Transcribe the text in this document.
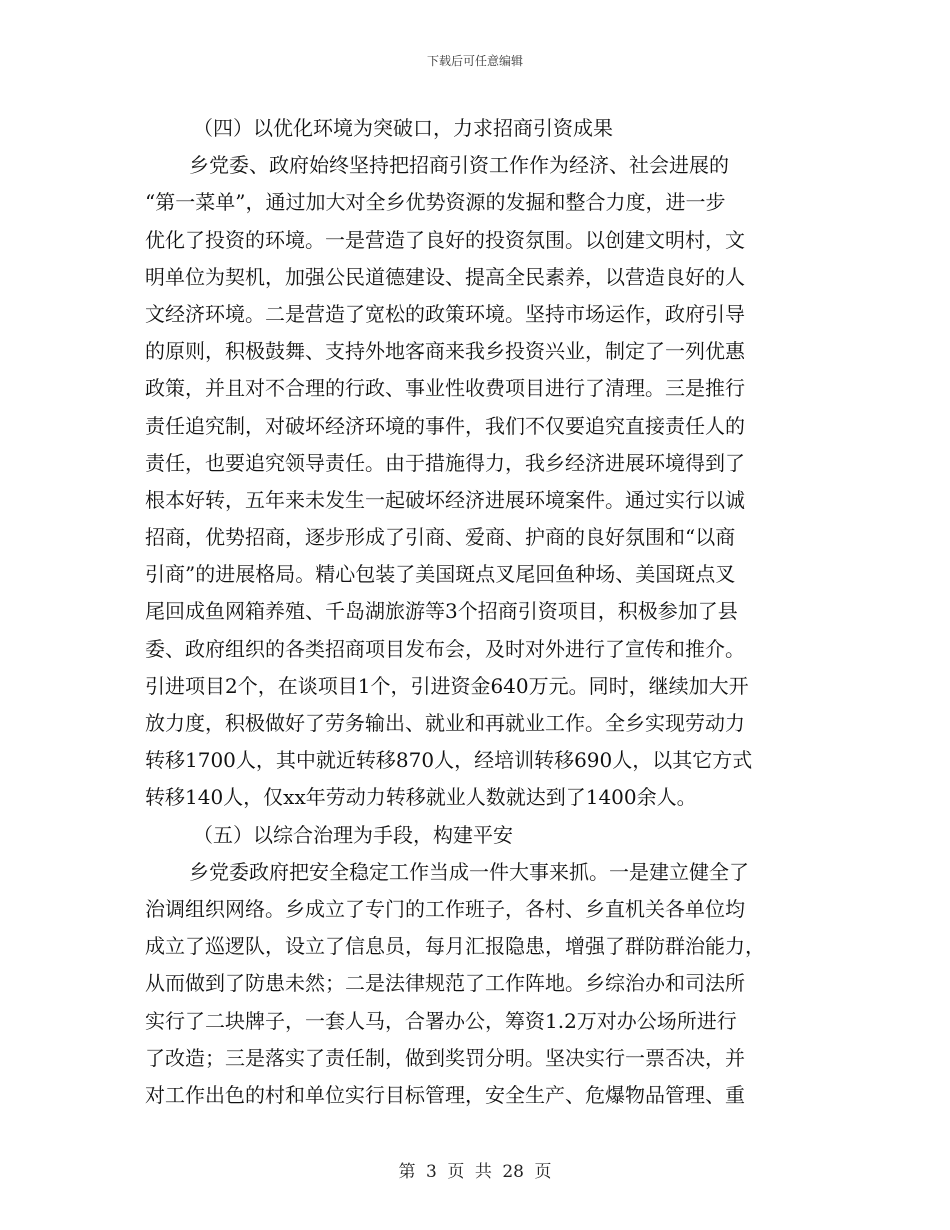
下载后可任意编辑
（四）以优化环境为突破口，力求招商引资成果
乡党委、政府始终坚持把招商引资工作作为经济、社会进展的
“第一菜单”，通过加大对全乡优势资源的发掘和整合力度，进一步
优化了投资的环境。一是营造了良好的投资氛围。以创建文明村，文
明单位为契机，加强公民道德建设、提高全民素养，以营造良好的人
文经济环境。二是营造了宽松的政策环境。坚持市场运作，政府引导
的原则，积极鼓舞、支持外地客商来我乡投资兴业，制定了一列优惠
政策，并且对不合理的行政、事业性收费项目进行了清理。三是推行
责任追究制，对破坏经济环境的事件，我们不仅要追究直接责任人的
责任，也要追究领导责任。由于措施得力，我乡经济进展环境得到了
根本好转，五年来未发生一起破坏经济进展环境案件。通过实行以诚
招商，优势招商，逐步形成了引商、爱商、护商的良好氛围和“以商
引商”的进展格局。精心包装了美国斑点叉尾回鱼种场、美国斑点叉
尾回成鱼网箱养殖、千岛湖旅游等3个招商引资项目，积极参加了县
委、政府组织的各类招商项目发布会，及时对外进行了宣传和推介。
引进项目2个，在谈项目1个，引进资金640万元。同时，继续加大开
放力度，积极做好了劳务输出、就业和再就业工作。全乡实现劳动力
转移1700人，其中就近转移870人，经培训转移690人，以其它方式
转移140人，仅xx年劳动力转移就业人数就达到了1400余人。
（五）以综合治理为手段，构建平安
乡党委政府把安全稳定工作当成一件大事来抓。一是建立健全了
治调组织网络。乡成立了专门的工作班子，各村、乡直机关各单位均
成立了巡逻队，设立了信息员，每月汇报隐患，增强了群防群治能力，
从而做到了防患未然；二是法律规范了工作阵地。乡综治办和司法所
实行了二块牌子，一套人马，合署办公，筹资1.2万对办公场所进行
了改造；三是落实了责任制，做到奖罚分明。坚决实行一票否决，并
对工作出色的村和单位实行目标管理，安全生产、危爆物品管理、重
第 3 页 共 28 页
